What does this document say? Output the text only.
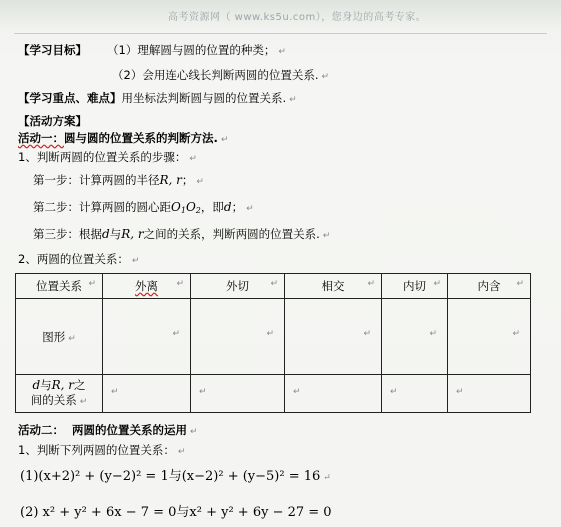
高考资源网（ www.ks5u.com），您身边的高考专家。
【学习目标】 （1）理解圆与圆的位置的种类； ↵
（2）会用连心线长判断两圆的位置关系. ↵
【学习重点、难点】用坐标法判断圆与圆的位置关系. ↵
【活动方案】
活动一：圆与圆的位置关系的判断方法. ↵
1、判断两圆的位置关系的步骤： ↵
第一步：计算两圆的半径R, r； ↵
第二步：计算两圆的圆心距$O_1O_2$，即d； ↵
第三步：根据d与R, r之间的关系，判断两圆的位置关系. ↵
2、两圆的位置关系： ↵
位置关系 ↵	外离 ↵	外切 ↵	相交 ↵	内切 ↵	内含 ↵

图形 ↵	↵	↵	↵	↵	↵

d与R, r之
间的关系 ↵	↵	↵	↵	↵	↵
活动二： 两圆的位置关系的运用 ↵
1、判断下列两圆的位置关系： ↵
(1)(x+2)² + (y−2)² = 1与(x−2)² + (y−5)² = 16 ↵
(2) x² + y² + 6x − 7 = 0与x² + y² + 6y − 27 = 0
